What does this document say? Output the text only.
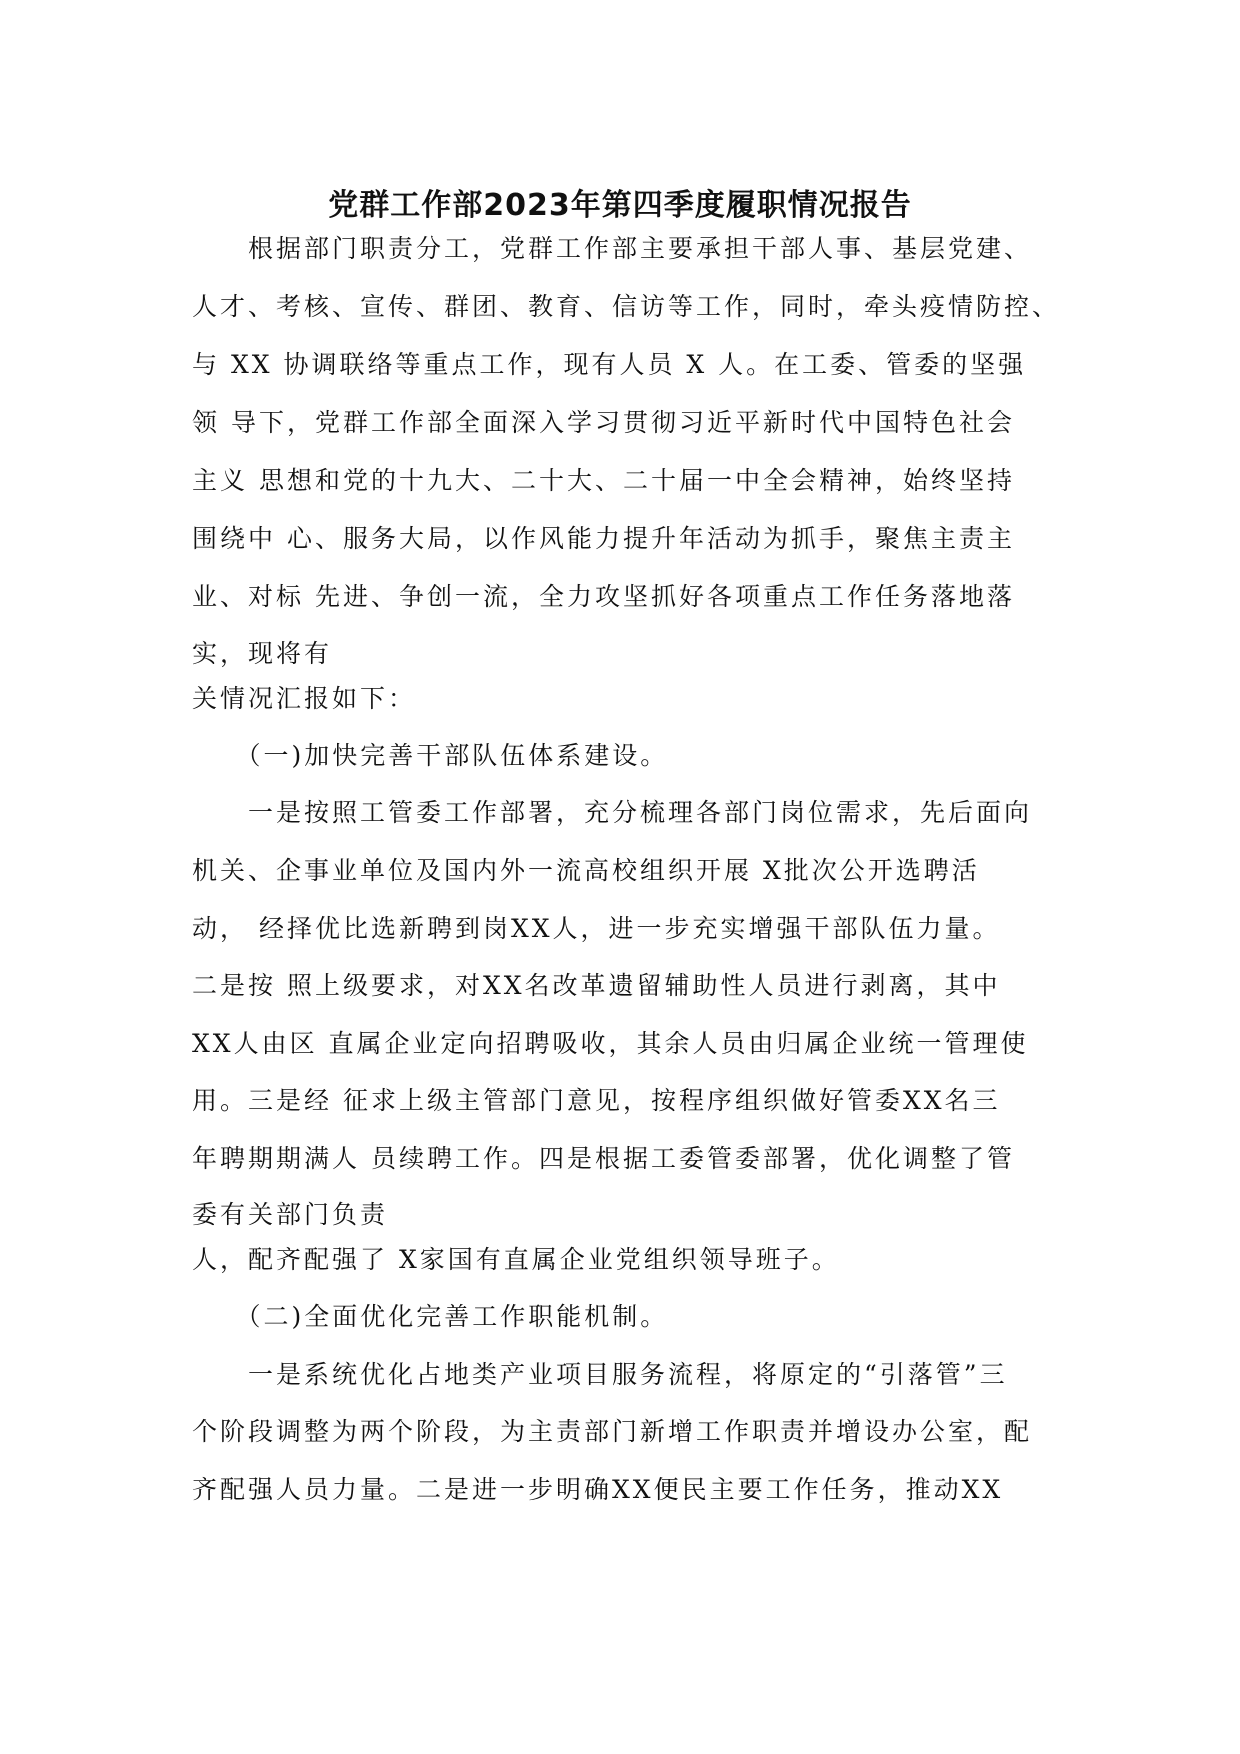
党群工作部2023年第四季度履职情况报告
　　根据部门职责分工，党群工作部主要承担干部人事、基层党建、
人才、考核、宣传、群团、教育、信访等工作，同时，牵头疫情防控、
与 XX 协调联络等重点工作，现有人员 X 人。在工委、管委的坚强
领 导下，党群工作部全面深入学习贯彻习近平新时代中国特色社会
主义 思想和党的十九大、二十大、二十届一中全会精神，始终坚持
围绕中 心、服务大局，以作风能力提升年活动为抓手，聚焦主责主
业、对标 先进、争创一流，全力攻坚抓好各项重点工作任务落地落
实，现将有
关情况汇报如下：
　　（一)加快完善干部队伍体系建设。
　　一是按照工管委工作部署，充分梳理各部门岗位需求，先后面向
机关、企事业单位及国内外一流高校组织开展 X批次公开选聘活
动， 经择优比选新聘到岗XX人，进一步充实增强干部队伍力量。
二是按 照上级要求，对XX名改革遗留辅助性人员进行剥离，其中
XX人由区 直属企业定向招聘吸收，其余人员由归属企业统一管理使
用。三是经 征求上级主管部门意见，按程序组织做好管委XX名三
年聘期期满人 员续聘工作。四是根据工委管委部署，优化调整了管
委有关部门负责
人，配齐配强了 X家国有直属企业党组织领导班子。
　　（二)全面优化完善工作职能机制。
　　一是系统优化占地类产业项目服务流程，将原定的“引落管”三
个阶段调整为两个阶段，为主责部门新增工作职责并增设办公室，配
齐配强人员力量。二是进一步明确XX便民主要工作任务，推动XX
